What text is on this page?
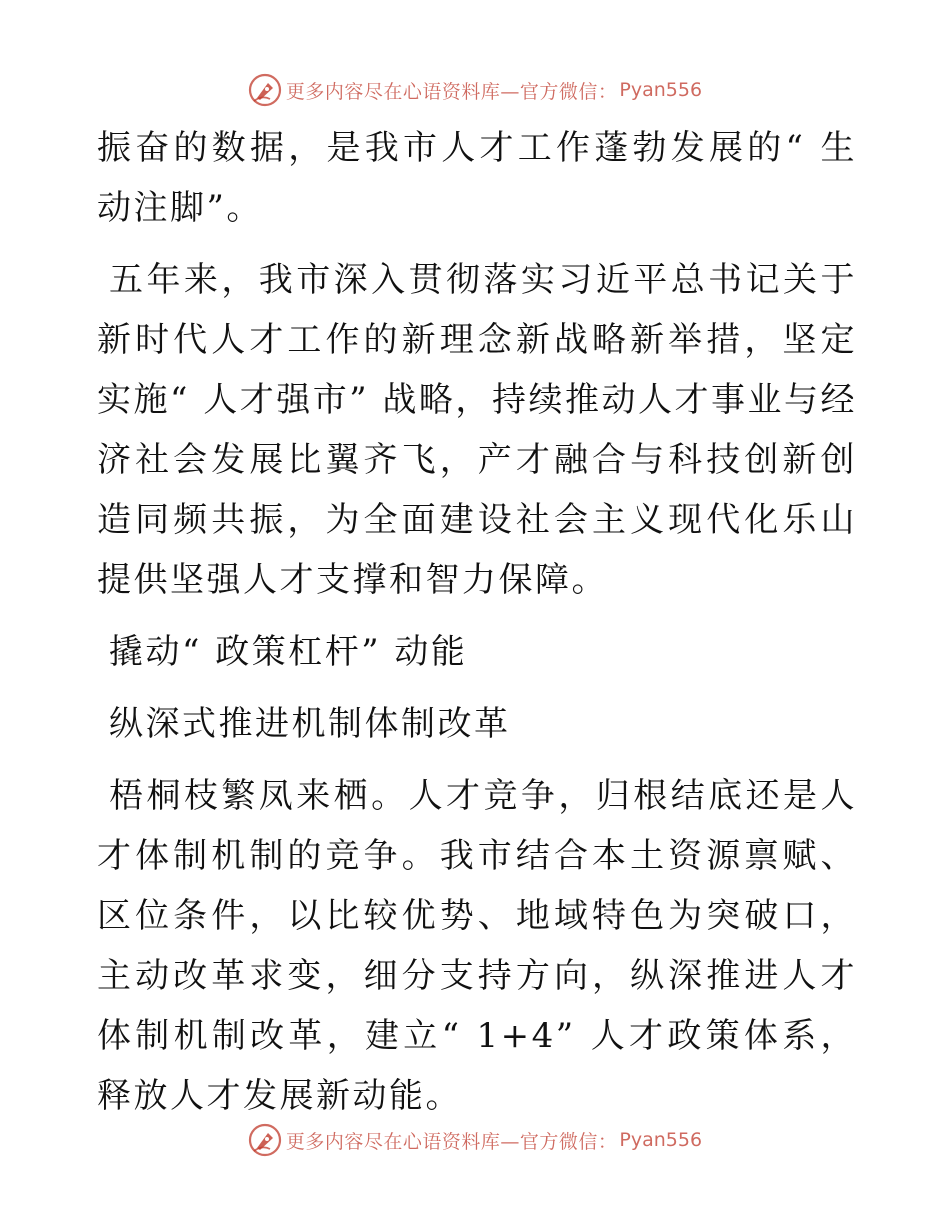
更多内容尽在心语资料库—官方微信： Pyan556

振奋的数据，是我市人才工作蓬勃发展的“ 生动注脚”。

五年来，我市深入贯彻落实习近平总书记关于新时代人才工作的新理念新战略新举措，坚定实施“ 人才强市” 战略，持续推动人才事业与经济社会发展比翼齐飞，产才融合与科技创新创造同频共振，为全面建设社会主义现代化乐山提供坚强人才支撑和智力保障。

撬动“ 政策杠杆” 动能

纵深式推进机制体制改革

梧桐枝繁凤来栖。人才竞争，归根结底还是人才体制机制的竞争。我市结合本土资源禀赋、区位条件，以比较优势、地域特色为突破口，主动改革求变，细分支持方向，纵深推进人才体制机制改革，建立“ 1+4” 人才政策体系，释放人才发展新动能。

更多内容尽在心语资料库—官方微信： Pyan556
